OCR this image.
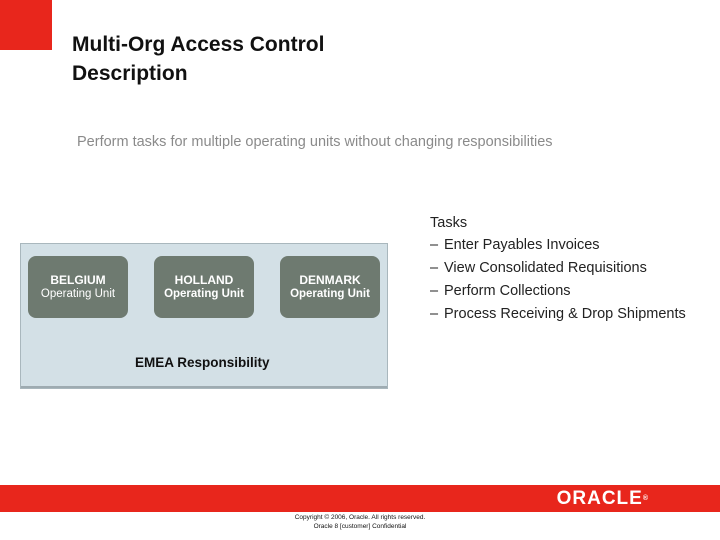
Multi-Org Access Control
Description
Perform tasks for multiple operating units without changing responsibilities
BELGIUM
Operating Unit
HOLLAND
Operating Unit
DENMARK
Operating Unit
EMEA Responsibility
Tasks
– Enter Payables Invoices
– View Consolidated Requisitions
– Perform Collections
– Process Receiving & Drop Shipments
ORACLE®
Copyright © 2006, Oracle. All rights reserved.
Oracle 8 [customer] Confidential
